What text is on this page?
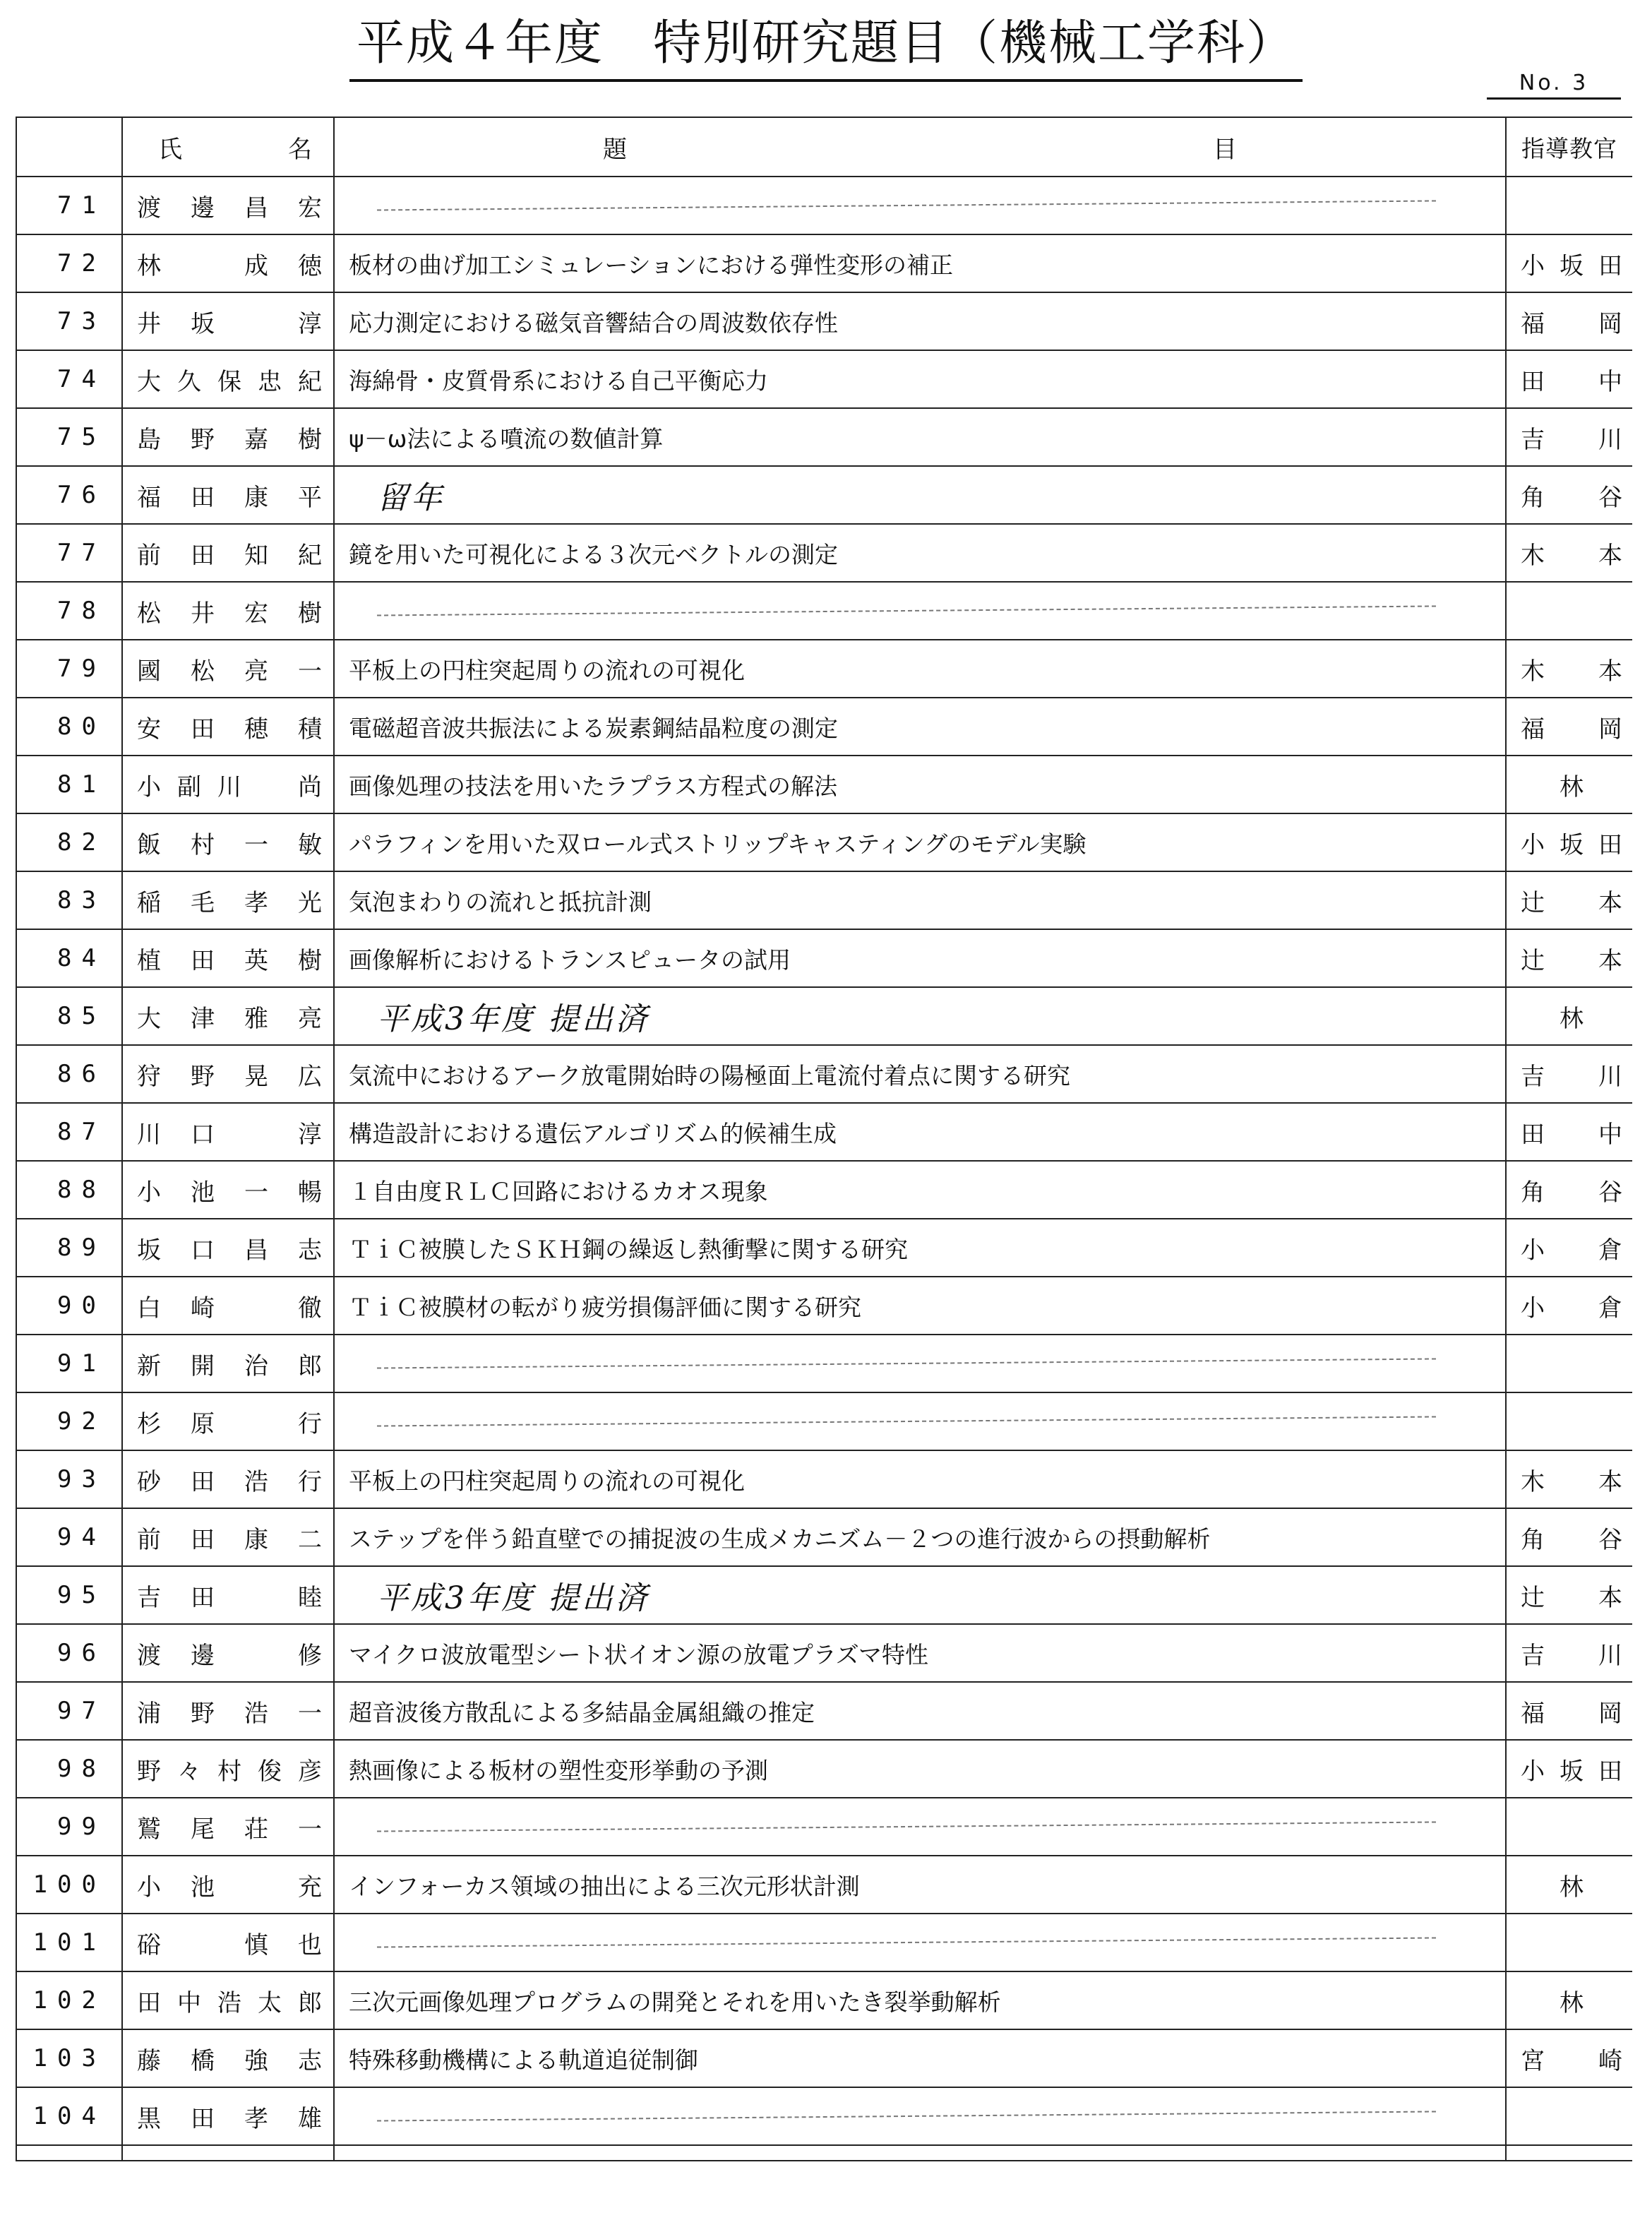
平成４年度　特別研究題目（機械工学科）
No. 3
	氏　　名	題　　　目	指導教官
71	渡邊昌宏	

72	林　成徳	板材の曲げ加工シミュレーションにおける弾性変形の補正	小坂田
73	井坂　淳	応力測定における磁気音響結合の周波数依存性	福岡
74	大久保忠紀	海綿骨・皮質骨系における自己平衡応力	田中
75	島野嘉樹	ψ－ω法による噴流の数値計算	吉川
76	福田康平	留年	角谷
77	前田知紀	鏡を用いた可視化による３次元ベクトルの測定	木本
78	松井宏樹	

79	國松亮一	平板上の円柱突起周りの流れの可視化	木本
80	安田穂積	電磁超音波共振法による炭素鋼結晶粒度の測定	福岡
81	小副川　尚	画像処理の技法を用いたラプラス方程式の解法	林
82	飯村一敏	パラフィンを用いた双ロール式ストリップキャスティングのモデル実験	小坂田
83	稲毛孝光	気泡まわりの流れと抵抗計測	辻本
84	植田英樹	画像解析におけるトランスピュータの試用	辻本
85	大津雅亮	平成3年度 提出済	林
86	狩野晃広	気流中におけるアーク放電開始時の陽極面上電流付着点に関する研究	吉川
87	川口　淳	構造設計における遺伝アルゴリズム的候補生成	田中
88	小池一暢	１自由度ＲＬＣ回路におけるカオス現象	角谷
89	坂口昌志	ＴｉＣ被膜したＳＫＨ鋼の繰返し熱衝撃に関する研究	小倉
90	白崎　徹	ＴｉＣ被膜材の転がり疲労損傷評価に関する研究	小倉
91	新開治郎	

92	杉原　行	

93	砂田浩行	平板上の円柱突起周りの流れの可視化	木本
94	前田康二	ステップを伴う鉛直壁での捕捉波の生成メカニズム－２つの進行波からの摂動解析	角谷
95	吉田　睦	平成3年度 提出済	辻本
96	渡邊　修	マイクロ波放電型シート状イオン源の放電プラズマ特性	吉川
97	浦野浩一	超音波後方散乱による多結晶金属組織の推定	福岡
98	野々村俊彦	熱画像による板材の塑性変形挙動の予測	小坂田
99	鷲尾荘一	

100	小池　充	インフォーカス領域の抽出による三次元形状計測	林
101	硲　慎也	

102	田中浩太郎	三次元画像処理プログラムの開発とそれを用いたき裂挙動解析	林
103	藤橋強志	特殊移動機構による軌道追従制御	宮崎
104	黒田孝雄	
